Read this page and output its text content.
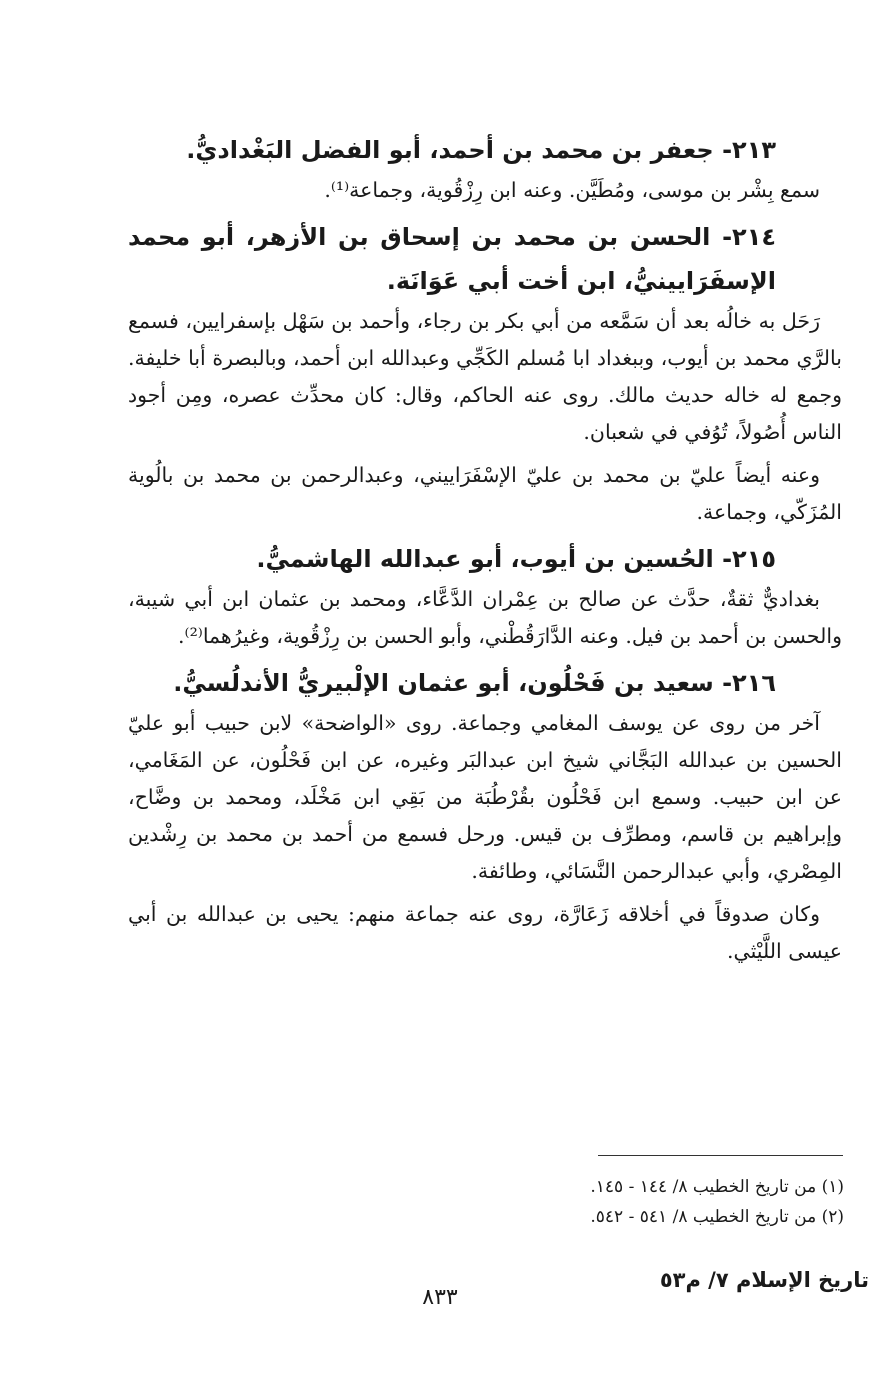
٢١٣- جعفر بن محمد بن أحمد، أبو الفضل البَغْداديُّ.

سمع بِشْر بن موسى، ومُطَيَّن. وعنه ابن رِزْقُوية، وجماعة⁽¹⁾.

٢١٤- الحسن بن محمد بن إسحاق بن الأزهر، أبو محمد الإسفَرَايينيُّ، ابن أخت أبي عَوَانَة.

رَحَل به خالُه بعد أن سَمَّعه من أبي بكر بن رجاء، وأحمد بن سَهْل بإسفرايين، فسمع بالرَّي محمد بن أيوب، وببغداد ابا مُسلم الكَجِّي وعبدالله ابن أحمد، وبالبصرة أبا خليفة. وجمع له خاله حديث مالك. روى عنه الحاكم، وقال: كان محدِّث عصره، ومِن أجود الناس أُصُولاً، تُوُفي في شعبان.

وعنه أيضاً عليّ بن محمد بن عليّ الإسْفَرَاييني، وعبدالرحمن بن محمد بن بالُوية المُزَكّي، وجماعة.

٢١٥- الحُسين بن أيوب، أبو عبدالله الهاشميُّ.

بغداديٌّ ثقةٌ، حدَّث عن صالح بن عِمْران الدَّعَّاء، ومحمد بن عثمان ابن أبي شيبة، والحسن بن أحمد بن فيل. وعنه الدَّارَقُطْني، وأبو الحسن بن رِزْقُوية، وغيرُهما⁽²⁾.

٢١٦- سعيد بن فَحْلُون، أبو عثمان الإلْبيريُّ الأندلُسيُّ.

آخر من روى عن يوسف المغامي وجماعة. روى «الواضحة» لابن حبيب أبو عليّ الحسين بن عبدالله البَجَّاني شيخ ابن عبدالبَر وغيره، عن ابن فَحْلُون، عن المَغَامي، عن ابن حبيب. وسمع ابن فَحْلُون بقُرْطُبَة من بَقِي ابن مَخْلَد، ومحمد بن وضَّاح، وإبراهيم بن قاسم، ومطرِّف بن قيس. ورحل فسمع من أحمد بن محمد بن رِشْدين المِصْري، وأبي عبدالرحمن النَّسَائي، وطائفة.

وكان صدوقاً في أخلاقه زَعَارَّة، روى عنه جماعة منهم: يحيى بن عبدالله بن أبي عيسى اللَّيْثي.

(١) من تاريخ الخطيب ٨/ ١٤٤ - ١٤٥.

(٢) من تاريخ الخطيب ٨/ ٥٤١ - ٥٤٢.

تاريخ الإسلام ٧/ م٥٣
٨٣٣
